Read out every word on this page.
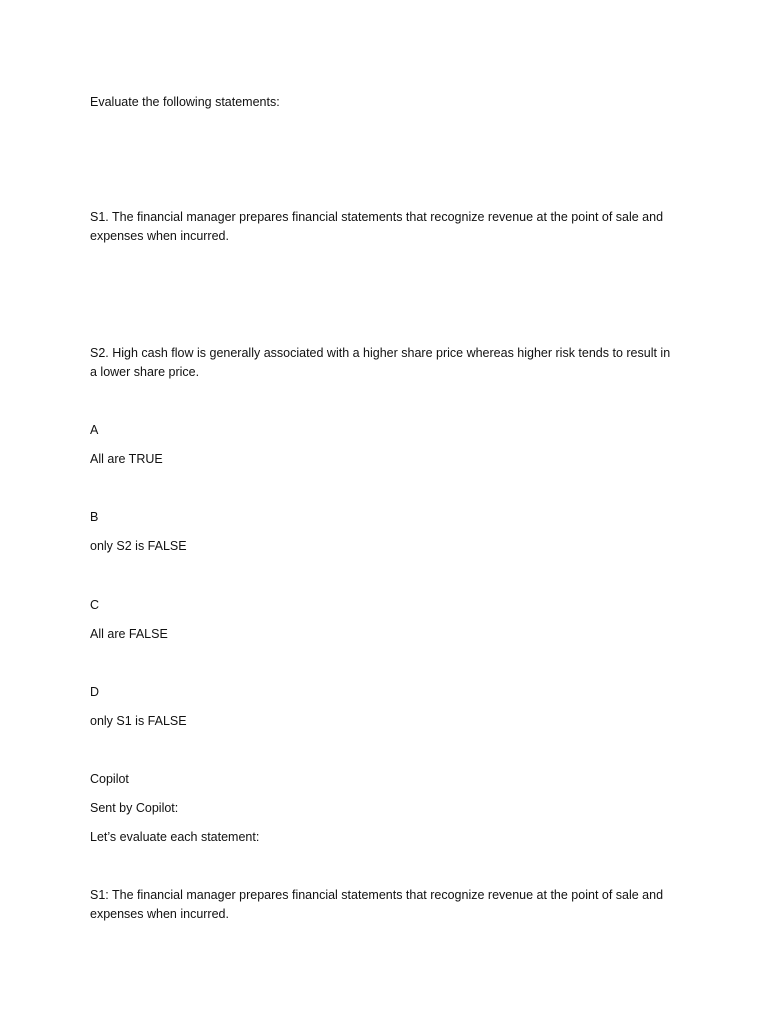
Evaluate the following statements:
S1. The financial manager prepares financial statements that recognize revenue at the point of sale and expenses when incurred.
S2. High cash flow is generally associated with a higher share price whereas higher risk tends to result in a lower share price.
A
All are TRUE
B
only S2 is FALSE
C
All are FALSE
D
only S1 is FALSE
Copilot
Sent by Copilot:
Let’s evaluate each statement:
S1: The financial manager prepares financial statements that recognize revenue at the point of sale and expenses when incurred.
